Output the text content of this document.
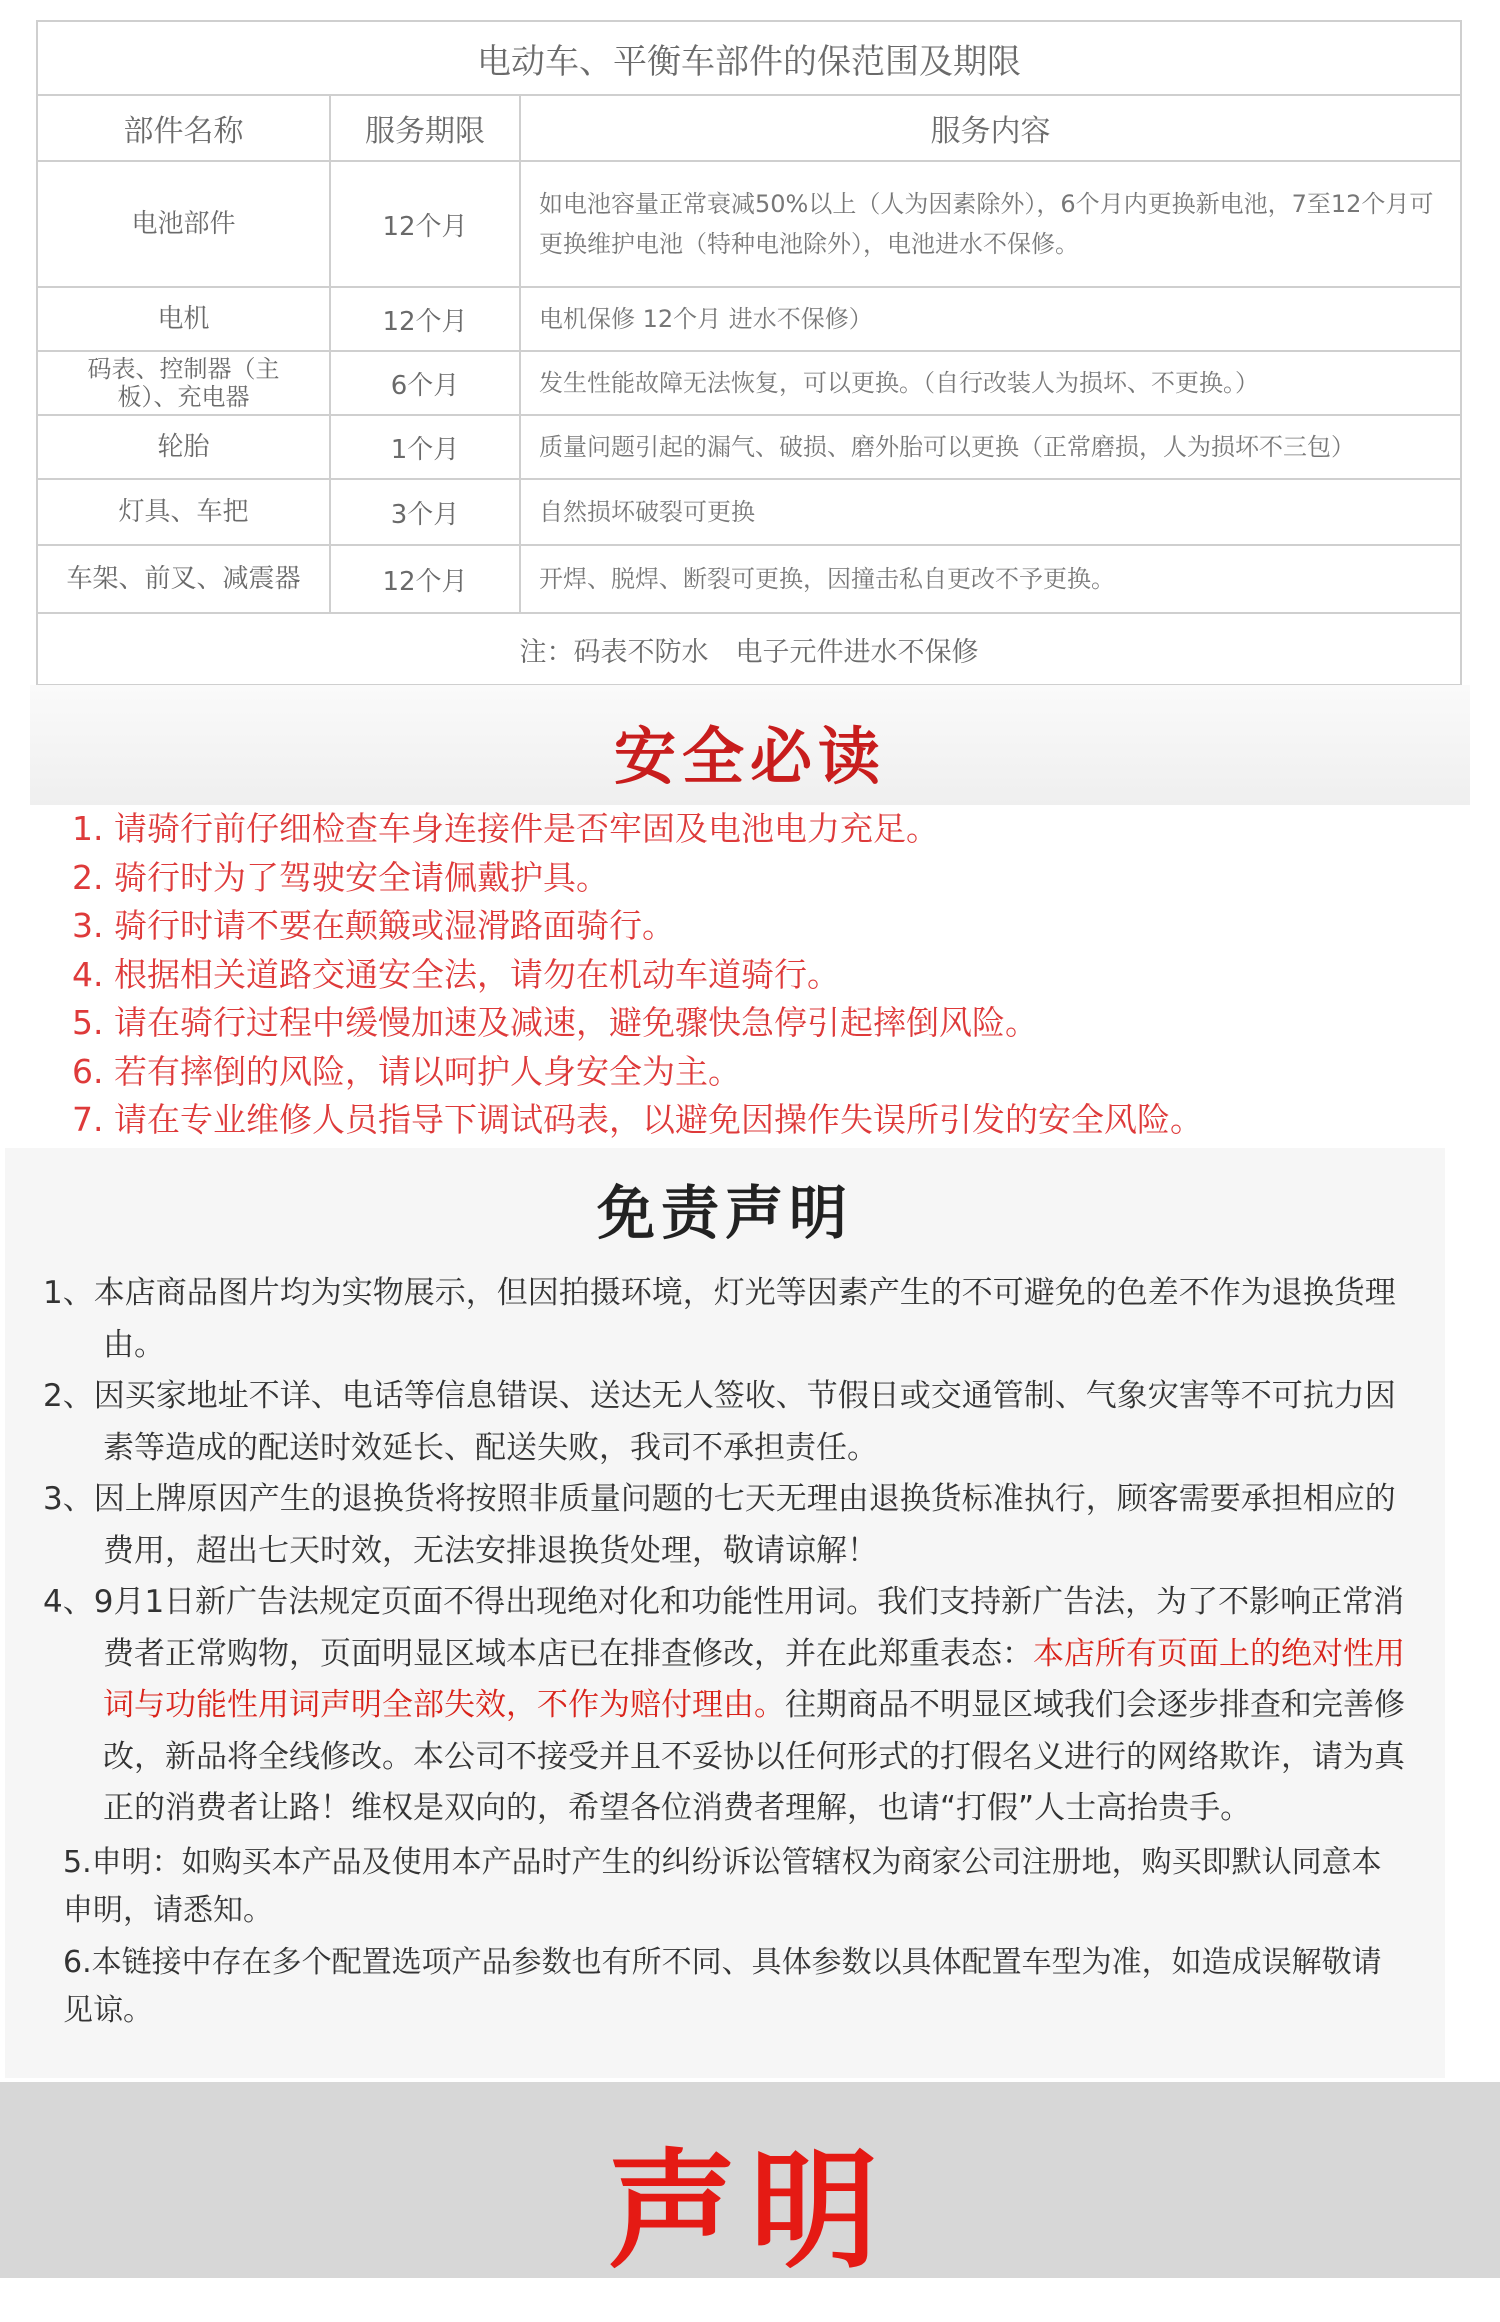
电动车、平衡车部件的保范围及期限		
部件名称	服务期限	服务内容
电池部件	12个月	如电池容量正常衰减50%以上（人为因素除外），6个月内更换新电池，7至12个月可更换维护电池（特种电池除外），电池进水不保修。
电机	12个月	电机保修 12个月 进水不保修）
码表、控制器（主板）、充电器	6个月	发生性能故障无法恢复，可以更换。（自行改装人为损坏、不更换。）
轮胎	1个月	质量问题引起的漏气、破损、磨外胎可以更换（正常磨损，人为损坏不三包）
灯具、车把	3个月	自然损坏破裂可更换
车架、前叉、减震器	12个月	开焊、脱焊、断裂可更换，因撞击私自更改不予更换。
注：码表不防水　电子元件进水不保修		
安全必读
1. 请骑行前仔细检查车身连接件是否牢固及电池电力充足。
2. 骑行时为了驾驶安全请佩戴护具。
3. 骑行时请不要在颠簸或湿滑路面骑行。
4. 根据相关道路交通安全法，请勿在机动车道骑行。
5. 请在骑行过程中缓慢加速及减速，避免骤快急停引起摔倒风险。
6. 若有摔倒的风险，请以呵护人身安全为主。
7. 请在专业维修人员指导下调试码表，以避免因操作失误所引发的安全风险。
免责声明

1、本店商品图片均为实物展示，但因拍摄环境，灯光等因素产生的不可避免的色差不作为退换货理由。

2、因买家地址不详、电话等信息错误、送达无人签收、节假日或交通管制、气象灾害等不可抗力因素等造成的配送时效延长、配送失败，我司不承担责任。

3、因上牌原因产生的退换货将按照非质量问题的七天无理由退换货标准执行，顾客需要承担相应的费用，超出七天时效，无法安排退换货处理，敬请谅解！

4、9月1日新广告法规定页面不得出现绝对化和功能性用词。我们支持新广告法，为了不影响正常消费者正常购物，页面明显区域本店已在排查修改，并在此郑重表态：本店所有页面上的绝对性用词与功能性用词声明全部失效，不作为赔付理由。往期商品不明显区域我们会逐步排查和完善修改，新品将全线修改。本公司不接受并且不妥协以任何形式的打假名义进行的网络欺诈，请为真正的消费者让路！维权是双向的，希望各位消费者理解，也请“打假”人士高抬贵手。

5.申明：如购买本产品及使用本产品时产生的纠纷诉讼管辖权为商家公司注册地，购买即默认同意本申明，请悉知。

6.本链接中存在多个配置选项产品参数也有所不同、具体参数以具体配置车型为准，如造成误解敬请见谅。

声明
